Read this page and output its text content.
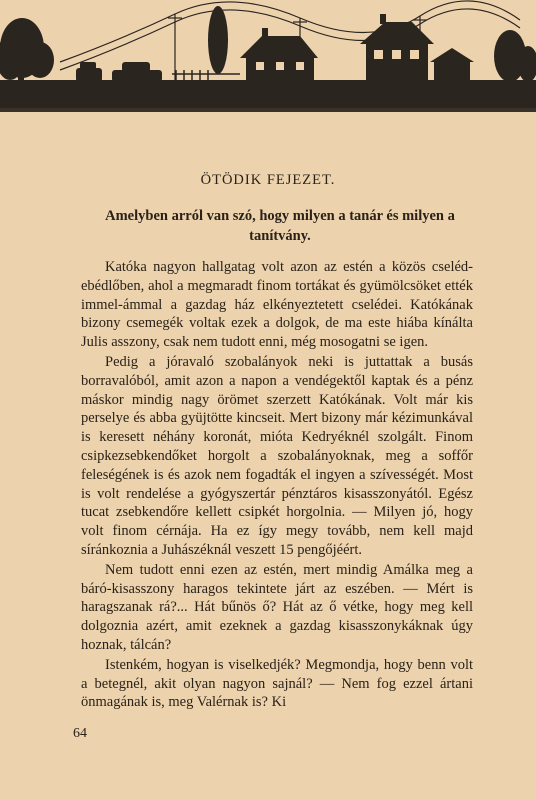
ÖTÖDIK FEJEZET.
Amelyben arról van szó, hogy milyen a tanár és milyen a tanítvány.

Katóka nagyon hallgatag volt azon az estén a közös cseléd-ebédlőben, ahol a megmaradt finom tortákat és gyümölcsöket ették immel-ámmal a gazdag ház elkényeztetett cselédei. Katókának bizony csemegék voltak ezek a dolgok, de ma este hiába kínálta Julis asszony, csak nem tudott enni, még mosogatni se igen.

Pedig a jóravaló szobalányok neki is juttattak a busás borravalóból, amit azon a napon a vendégektől kaptak és a pénz máskor mindig nagy örömet szerzett Katókának. Volt már kis perselye és abba gyüjtötte kincseit. Mert bizony már kézimunkával is keresett néhány koronát, mióta Kedryéknél szolgált. Finom csipkezsebkendőket horgolt a szobalányoknak, meg a soffőr feleségének is és azok nem fogadták el ingyen a szívességét. Most is volt rendelése a gyógyszertár pénztáros kisasszonyától. Egész tucat zsebkendőre kellett csipkét horgolnia. — Milyen jó, hogy volt finom cérnája. Ha ez így megy tovább, nem kell majd síránkoznia a Juhászéknál veszett 15 pengőjéért.

Nem tudott enni ezen az estén, mert mindig Amálka meg a báró-kisasszony haragos tekintete járt az eszében. — Mért is haragszanak rá?... Hát bűnös ő? Hát az ő vétke, hogy meg kell dolgoznia azért, amit ezeknek a gazdag kisasszonykáknak úgy hoznak, tálcán?

Istenkém, hogyan is viselkedjék? Megmondja, hogy benn volt a betegnél, akit olyan nagyon sajnál? — Nem fog ezzel ártani önmagának is, meg Valérnak is? Ki

64
